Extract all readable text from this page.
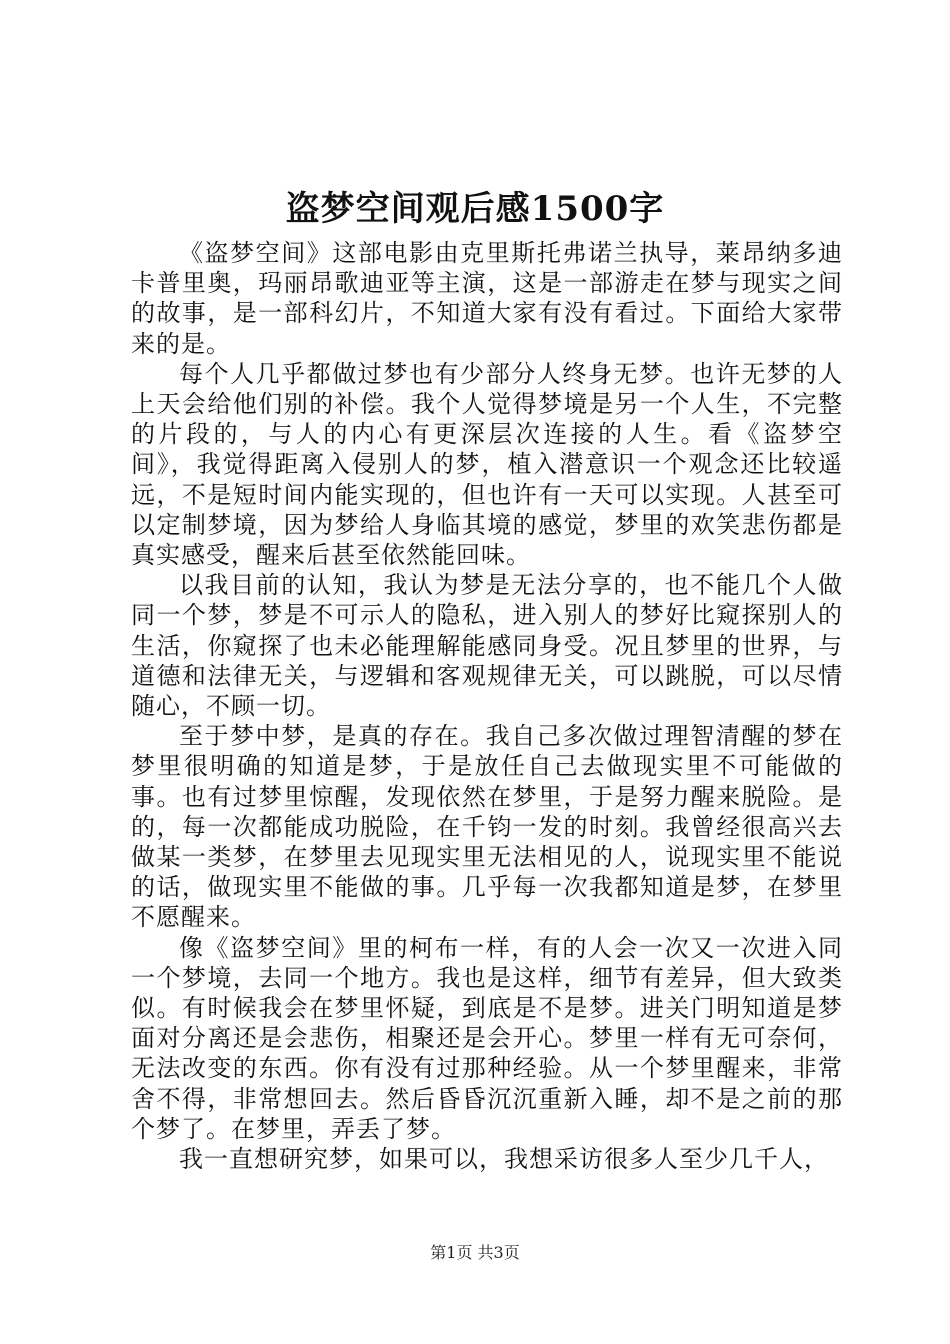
盗梦空间观后感1500字

《盗梦空间》这部电影由克里斯托弗诺兰执导，莱昂纳多迪卡普里奥，玛丽昂歌迪亚等主演，这是一部游走在梦与现实之间的故事，是一部科幻片，不知道大家有没有看过。下面给大家带来的是。

每个人几乎都做过梦也有少部分人终身无梦。也许无梦的人上天会给他们别的补偿。我个人觉得梦境是另一个人生，不完整的片段的，与人的内心有更深层次连接的人生。看《盗梦空间》，我觉得距离入侵别人的梦，植入潜意识一个观念还比较遥远，不是短时间内能实现的，但也许有一天可以实现。人甚至可以定制梦境，因为梦给人身临其境的感觉，梦里的欢笑悲伤都是真实感受，醒来后甚至依然能回味。

以我目前的认知，我认为梦是无法分享的，也不能几个人做同一个梦，梦是不可示人的隐私，进入别人的梦好比窥探别人的生活，你窥探了也未必能理解能感同身受。况且梦里的世界，与道德和法律无关，与逻辑和客观规律无关，可以跳脱，可以尽情随心，不顾一切。

至于梦中梦，是真的存在。我自己多次做过理智清醒的梦在梦里很明确的知道是梦，于是放任自己去做现实里不可能做的事。也有过梦里惊醒，发现依然在梦里，于是努力醒来脱险。是的，每一次都能成功脱险，在千钧一发的时刻。我曾经很高兴去做某一类梦，在梦里去见现实里无法相见的人，说现实里不能说的话，做现实里不能做的事。几乎每一次我都知道是梦，在梦里不愿醒来。

像《盗梦空间》里的柯布一样，有的人会一次又一次进入同一个梦境，去同一个地方。我也是这样，细节有差异，但大致类似。有时候我会在梦里怀疑，到底是不是梦。进关门明知道是梦面对分离还是会悲伤，相聚还是会开心。梦里一样有无可奈何，无法改变的东西。你有没有过那种经验。从一个梦里醒来，非常舍不得，非常想回去。然后昏昏沉沉重新入睡，却不是之前的那个梦了。在梦里，弄丢了梦。

我一直想研究梦，如果可以，我想采访很多人至少几千人，

第1页 共3页
